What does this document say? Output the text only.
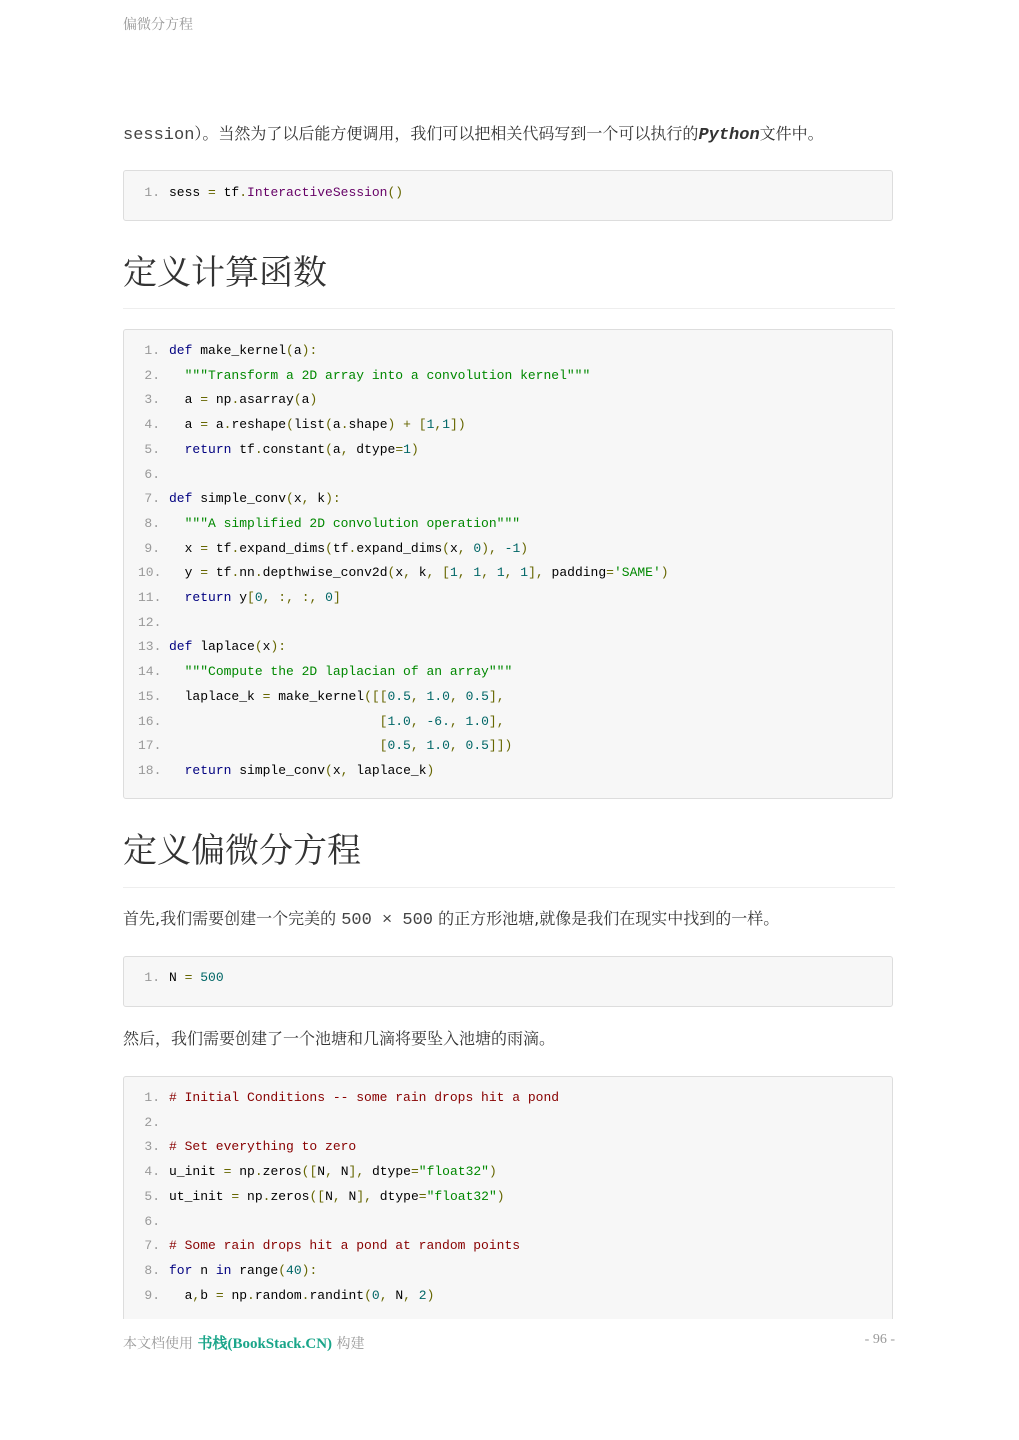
偏微分方程
session）。当然为了以后能方便调用，我们可以把相关代码写到一个可以执行的Python文件中。
1. sess = tf.InteractiveSession()
定义计算函数
1. def make_kernel(a):
2.	"""Transform a 2D array into a convolution kernel"""
3. a = np.asarray(a)
4. a = a.reshape(list(a.shape) + [1,1])
5.	return tf.constant(a, dtype=1)
6.
7. def simple_conv(x, k):
8.	"""A simplified 2D convolution operation"""
9. x = tf.expand_dims(tf.expand_dims(x, 0), -1)
10. y = tf.nn.depthwise_conv2d(x, k, [1, 1, 1, 1], padding='SAME')
11.	return y[0, :, :, 0]
12.
13. def laplace(x):
14.	"""Compute the 2D laplacian of an array"""
15. laplace_k = make_kernel([[0.5, 1.0, 0.5],
16.	[1.0, -6., 1.0],
17.	[0.5, 1.0, 0.5]])
18.	return simple_conv(x, laplace_k)
定义偏微分方程
首先,我们需要创建一个完美的 500 × 500 的正方形池塘,就像是我们在现实中找到的一样。
1. N = 500
然后，我们需要创建了一个池塘和几滴将要坠入池塘的雨滴。
1. # Initial Conditions -- some rain drops hit a pond
2.
3. # Set everything to zero
4. u_init = np.zeros([N, N], dtype="float32")
5. ut_init = np.zeros([N, N], dtype="float32")
6.
7. # Some rain drops hit a pond at random points
8. for n in range(40):
9. a,b = np.random.randint(0, N, 2)
本文档使用 书栈(BookStack.CN) 构建	- 96 -
